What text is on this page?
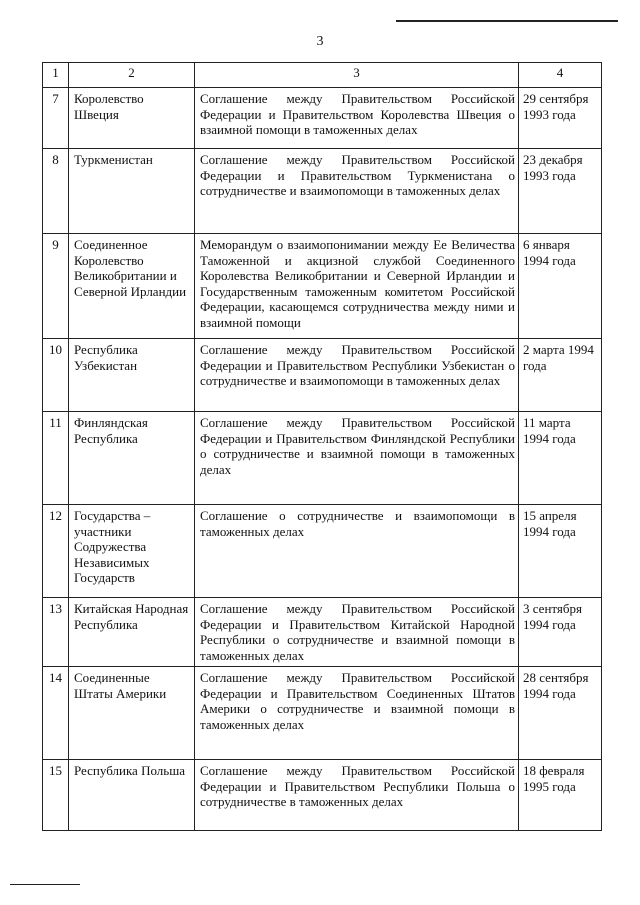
3
1	2	3	4
7	Королевство Швеция	Соглашение между Правительством Российской Федерации и Правительством Королевства Швеция о взаимной помощи в таможенных делах	29 сентября 1993 года
8	Туркменистан	Соглашение между Правительством Российской Федерации и Правительством Туркменистана о сотрудничестве и взаимопомощи в таможенных делах	23 декабря 1993 года
9	Соединенное Королевство Великобритании и Северной Ирландии	Меморандум о взаимопонимании между Ее Величества Таможенной и акцизной службой Соединенного Королевства Великобритании и Северной Ирландии и Государственным таможенным комитетом Российской Федерации, касающемся сотрудничества между ними и взаимной помощи	6 января 1994 года
10	Республика Узбекистан	Соглашение между Правительством Российской Федерации и Правительством Республики Узбекистан о сотрудничестве и взаимопомощи в таможенных делах	2 марта 1994 года
11	Финляндская Республика	Соглашение между Правительством Российской Федерации и Правительством Финляндской Республики о сотрудничестве и взаимной помощи в таможенных делах	11 марта 1994 года
12	Государства – участники Содружества Независимых Государств	Соглашение о сотрудничестве и взаимопомощи в таможенных делах	15 апреля 1994 года
13	Китайская Народная Республика	Соглашение между Правительством Российской Федерации и Правительством Китайской Народной Республики о сотрудничестве и взаимной помощи в таможенных делах	3 сентября 1994 года
14	Соединенные Штаты Америки	Соглашение между Правительством Российской Федерации и Правительством Соединенных Штатов Америки о сотрудничестве и взаимной помощи в таможенных делах	28 сентября 1994 года
15	Республика Польша	Соглашение между Правительством Российской Федерации и Правительством Республики Польша о сотрудничестве в таможенных делах	18 февраля 1995 года
